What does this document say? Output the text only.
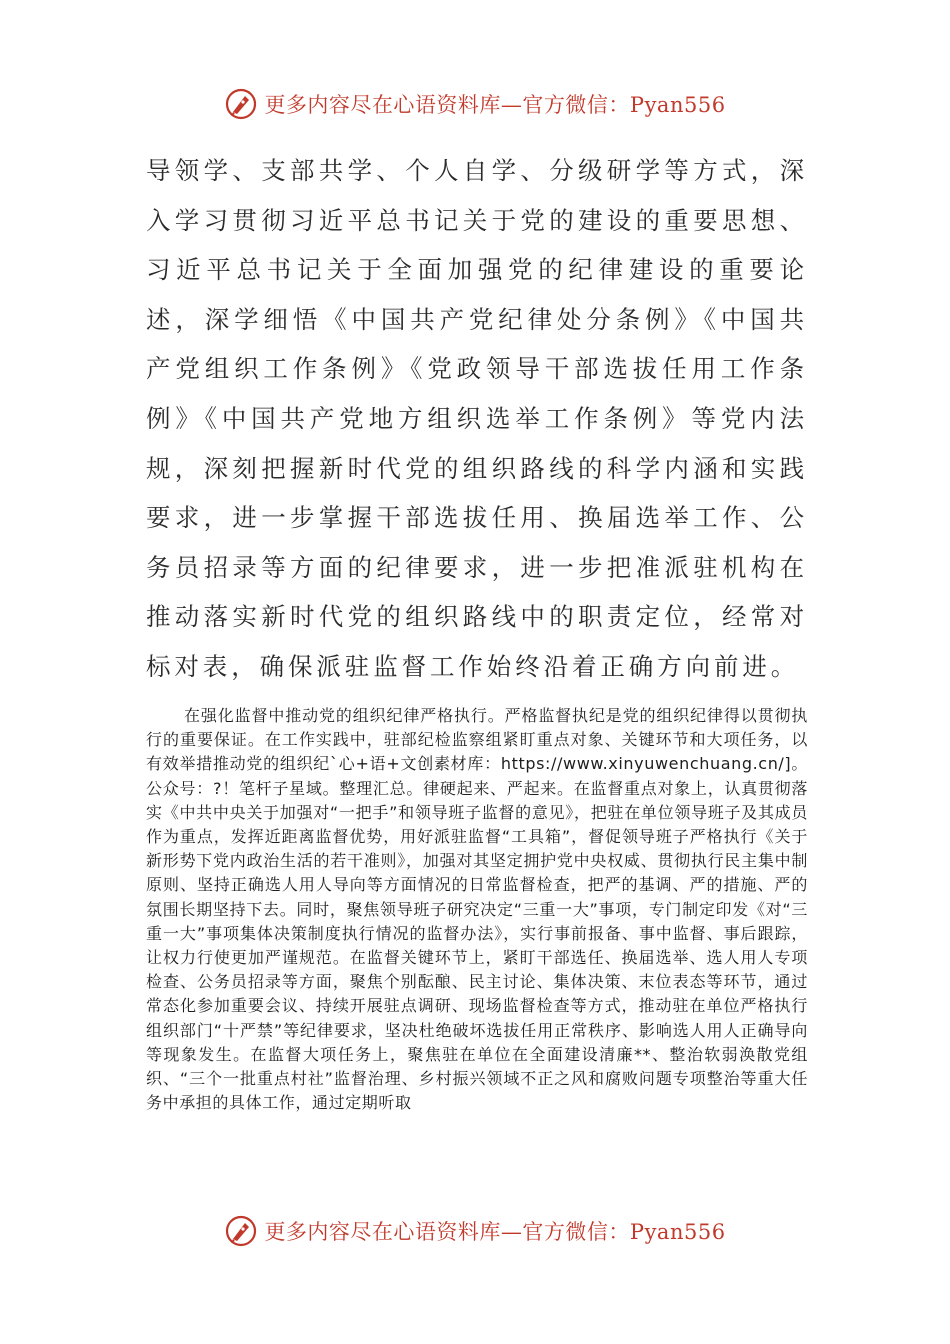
更多内容尽在心语资料库—官方微信：Pyan556

导领学、支部共学、个人自学、分级研学等方式，深入学习贯彻习近平总书记关于党的建设的重要思想、习近平总书记关于全面加强党的纪律建设的重要论述，深学细悟《中国共产党纪律处分条例》《中国共产党组织工作条例》《党政领导干部选拔任用工作条例》《中国共产党地方组织选举工作条例》等党内法规，深刻把握新时代党的组织路线的科学内涵和实践要求，进一步掌握干部选拔任用、换届选举工作、公务员招录等方面的纪律要求，进一步把准派驻机构在推动落实新时代党的组织路线中的职责定位，经常对标对表，确保派驻监督工作始终沿着正确方向前进。

在强化监督中推动党的组织纪律严格执行。严格监督执纪是党的组织纪律得以贯彻执行的重要保证。在工作实践中，驻部纪检监察组紧盯重点对象、关键环节和大项任务，以有效举措推动党的组织纪`心+语+文创素材库：https://www.xinyuwenchuang.cn/]。公众号：?！笔杆子星域。整理汇总。律硬起来、严起来。在监督重点对象上，认真贯彻落实《中共中央关于加强对“一把手”和领导班子监督的意见》，把驻在单位领导班子及其成员作为重点，发挥近距离监督优势，用好派驻监督“工具箱”，督促领导班子严格执行《关于新形势下党内政治生活的若干准则》，加强对其坚定拥护党中央权威、贯彻执行民主集中制原则、坚持正确选人用人导向等方面情况的日常监督检查，把严的基调、严的措施、严的氛围长期坚持下去。同时，聚焦领导班子研究决定“三重一大”事项，专门制定印发《对“三重一大”事项集体决策制度执行情况的监督办法》，实行事前报备、事中监督、事后跟踪，让权力行使更加严谨规范。在监督关键环节上，紧盯干部选任、换届选举、选人用人专项检查、公务员招录等方面，聚焦个别酝酿、民主讨论、集体决策、末位表态等环节，通过常态化参加重要会议、持续开展驻点调研、现场监督检查等方式，推动驻在单位严格执行组织部门“十严禁”等纪律要求，坚决杜绝破坏选拔任用正常秩序、影响选人用人正确导向等现象发生。在监督大项任务上，聚焦驻在单位在全面建设清廉**、整治软弱涣散党组织、“三个一批重点村社”监督治理、乡村振兴领域不正之风和腐败问题专项整治等重大任务中承担的具体工作，通过定期听取

更多内容尽在心语资料库—官方微信：Pyan556
